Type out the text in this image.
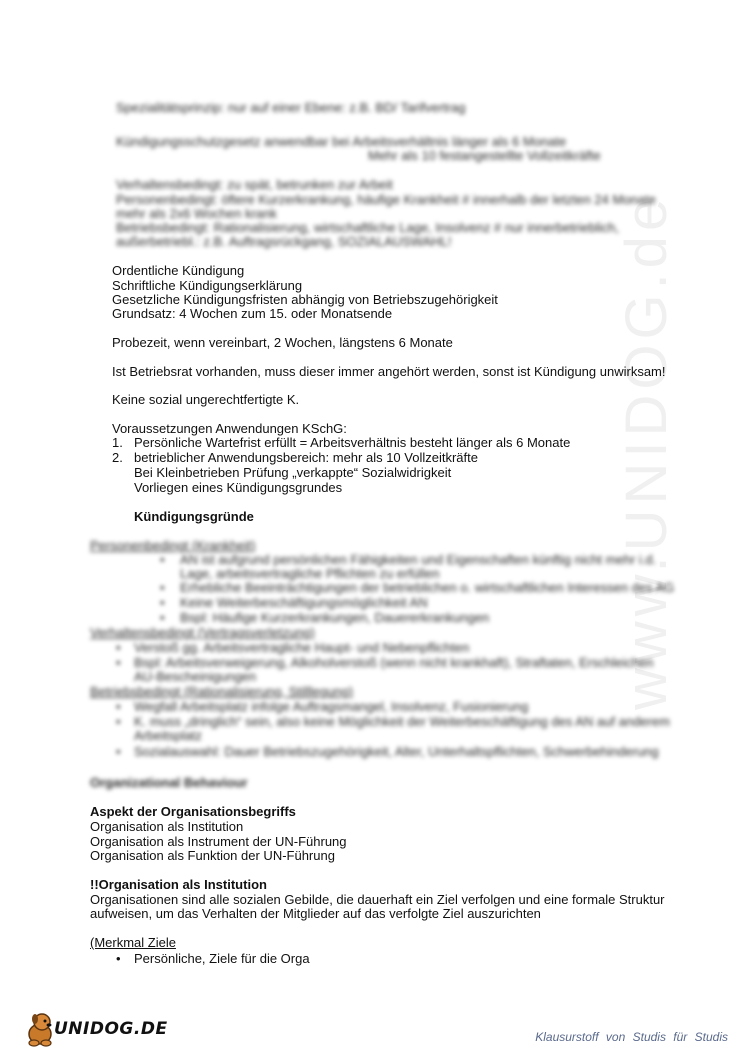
www.UNIDOG.de
Spezialitätsprinzip: nur auf einer Ebene: z.B. BD/ Tarifvertrag
Kündigungsschutzgesetz anwendbar bei Arbeitsverhältnis länger als 6 Monate
Mehr als 10 festangestellte Vollzeitkräfte
Verhaltensbedingt: zu spät, betrunken zur Arbeit
Personenbedingt: öftere Kurzerkrankung, häufige Krankheit # innerhalb der letzten 24 Monate
mehr als 2x6 Wochen krank
Betriebsbedingt: Rationalisierung, wirtschaftliche Lage, Insolvenz # nur innerbetrieblich,
außerbetriebl.: z.B. Auftragsrückgang, SOZIALAUSWAHL!
Ordentliche Kündigung
Schriftliche Kündigungserklärung
Gesetzliche Kündigungsfristen abhängig von Betriebszugehörigkeit
Grundsatz: 4 Wochen zum 15. oder Monatsende
Probezeit, wenn vereinbart, 2 Wochen, längstens 6 Monate
Ist Betriebsrat vorhanden, muss dieser immer angehört werden, sonst ist Kündigung unwirksam!
Keine sozial ungerechtfertigte K.
Voraussetzungen Anwendungen KSchG:
1. Persönliche Wartefrist erfüllt = Arbeitsverhältnis besteht länger als 6 Monate
2. betrieblicher Anwendungsbereich: mehr als 10 Vollzeitkräfte
Bei Kleinbetrieben Prüfung „verkappte“ Sozialwidrigkeit
Vorliegen eines Kündigungsgrundes
Kündigungsgründe
Personenbedingt (Krankheit)
• AN ist aufgrund persönlichen Fähigkeiten und Eigenschaften künftig nicht mehr i.d.
Lage, arbeitsvertragliche Pflichten zu erfüllen
• Erhebliche Beeinträchtigungen der betrieblichen o. wirtschaftlichen Interessen des AG
• Keine Weiterbeschäftigungsmöglichkeit AN
• Bspl: Häufige Kurzerkrankungen, Dauererkrankungen
Verhaltensbedingt (Vertragsverletzung)
• Verstoß gg. Arbeitsvertragliche Haupt- und Nebenpflichten
• Bspl: Arbeitsverweigerung, Alkoholverstoß (wenn nicht krankhaft), Straftaten, Erschleichen
AU-Bescheinigungen
Betriebsbedingt (Rationalisierung, Stilllegung)
• Wegfall Arbeitsplatz infolge Auftragsmangel, Insolvenz, Fusionierung
• K. muss „dringlich“ sein, also keine Möglichkeit der Weiterbeschäftigung des AN auf anderem
Arbeitsplatz
• Sozialauswahl: Dauer Betriebszugehörigkeit, Alter, Unterhaltspflichten, Schwerbehinderung
Organizational Behaviour
Aspekt der Organisationsbegriffs
Organisation als Institution
Organisation als Instrument der UN-Führung
Organisation als Funktion der UN-Führung
!!Organisation als Institution
Organisationen sind alle sozialen Gebilde, die dauerhaft ein Ziel verfolgen und eine formale Struktur
aufweisen, um das Verhalten der Mitglieder auf das verfolgte Ziel auszurichten
(Merkmal Ziele
• Persönliche, Ziele für die Orga
UNIDOG.DE	Klausurstoff von Studis für Studis
